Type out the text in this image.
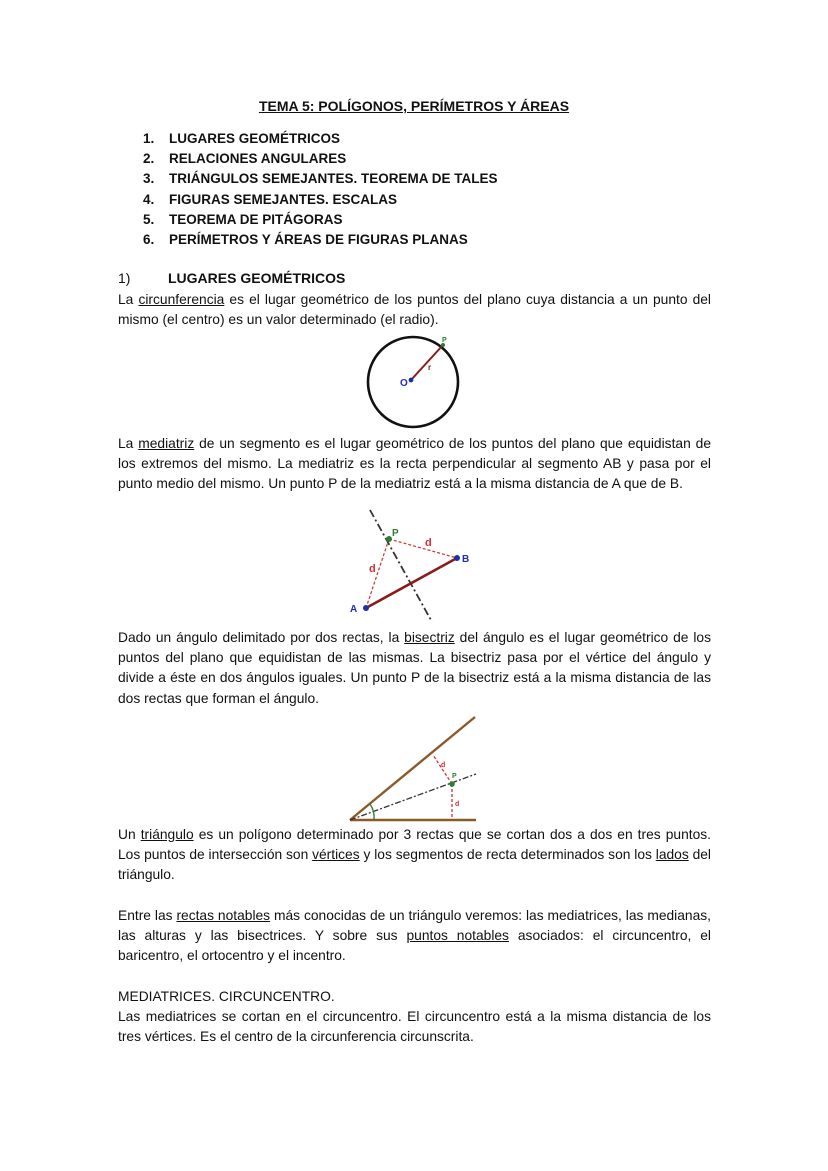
TEMA 5: POLÍGONOS, PERÍMETROS Y ÁREAS
1. LUGARES GEOMÉTRICOS
2. RELACIONES ANGULARES
3. TRIÁNGULOS SEMEJANTES. TEOREMA DE TALES
4. FIGURAS SEMEJANTES. ESCALAS
5. TEOREMA DE PITÁGORAS
6. PERÍMETROS Y ÁREAS DE FIGURAS PLANAS
1)	LUGARES GEOMÉTRICOS

La circunferencia es el lugar geométrico de los puntos del plano cuya distancia a un punto del mismo (el centro) es un valor determinado (el radio).

O
r
P

La mediatriz de un segmento es el lugar geométrico de los puntos del plano que equidistan de los extremos del mismo. La mediatriz es la recta perpendicular al segmento AB y pasa por el punto medio del mismo. Un punto P de la mediatriz está a la misma distancia de A que de B.

A
B
P
d
d

Dado un ángulo delimitado por dos rectas, la bisectriz del ángulo es el lugar geométrico de los puntos del plano que equidistan de las mismas. La bisectriz pasa por el vértice del ángulo y divide a éste en dos ángulos iguales. Un punto P de la bisectriz está a la misma distancia de las dos rectas que forman el ángulo.

P
d
d

Un triángulo es un polígono determinado por 3 rectas que se cortan dos a dos en tres puntos. Los puntos de intersección son vértices y los segmentos de recta determinados son los lados del triángulo.

Entre las rectas notables más conocidas de un triángulo veremos: las mediatrices, las medianas, las alturas y las bisectrices. Y sobre sus puntos notables asociados: el circuncentro, el baricentro, el ortocentro y el incentro.

MEDIATRICES. CIRCUNCENTRO.

Las mediatrices se cortan en el circuncentro. El circuncentro está a la misma distancia de los tres vértices. Es el centro de la circunferencia circunscrita.
